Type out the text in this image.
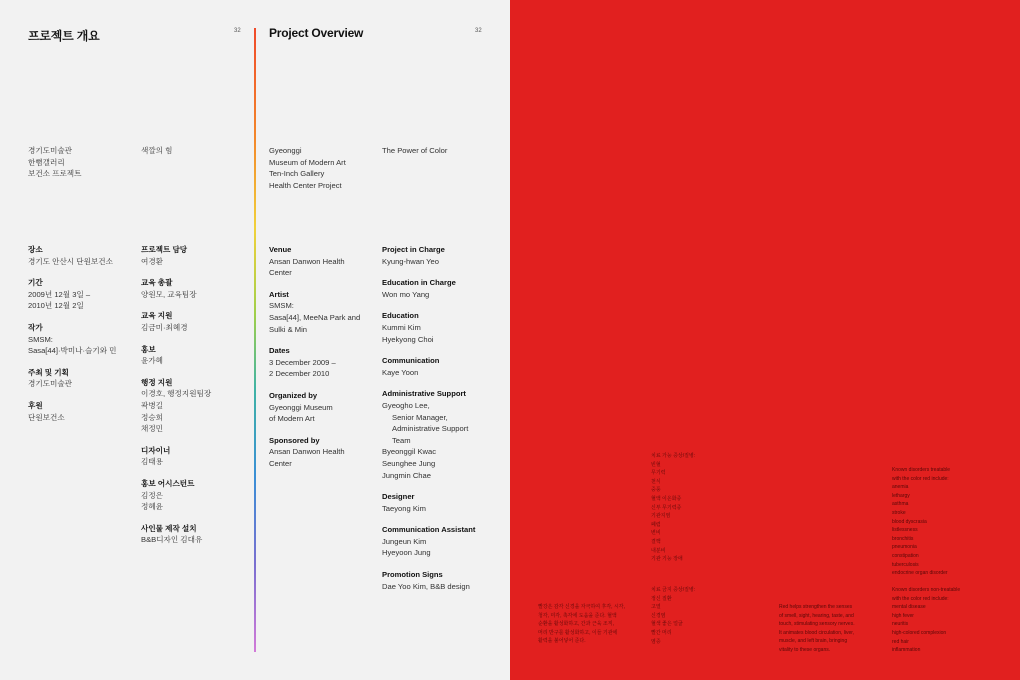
프로젝트 개요	32 Project Overview	32
경기도미술관
한뼘갤러리
보건소 프로젝트
색깔의 힘	Gyeonggi
Museum of Modern Art
Ten-Inch Gallery
Health Center Project
The Power of Color
장소
경기도 안산시 단원보건소
기간
2009년 12월 3일 –
2010년 12월 2일
작가
SMSM:
Sasa[44]·박미나·슬기와 민
주최 및 기획
경기도미술관
후원
단원보건소
프로젝트 담당
여경환
교육 총괄
양원모, 교육팀장
교육 지원
김금미·최혜경
홍보
윤가혜
행정 지원
이경호, 행정지원팀장
곽병길
정승희
채정민
디자이너
김태용
홍보 어시스턴트
김정은
정혜윤
사인물 제작 설치
B&B디자인 김대유
Venue
Ansan Danwon Health
Center
Artist
SMSM:
Sasa[44], MeeNa Park and
Sulki & Min
Dates
3 December 2009 –
2 December 2010
Organized by
Gyeonggi Museum
of Modern Art
Sponsored by
Ansan Danwon Health
Center
Project in Charge
Kyung-hwan Yeo
Education in Charge
Won mo Yang
Education
Kummi Kim
Hyekyong Choi
Communication
Kaye Yoon
Administrative Support
Gyeogho Lee,
Senior Manager,
Administrative Support
Team
Byeonggil Kwac
Seunghee Jung
Jungmin Chae
Designer
Taeyong Kim
Communication Assistant
Jungeun Kim
Hyeyoon Jung
Promotion Signs
Dae Yoo Kim, B&B design
치료 가능 증상/질병:
빈혈
무기력
천식
중풍
혈액 이온화증
신부 무기력증
기관지염
폐렴
변비
결핵
내분비
기관 기능 장애
치료 금지 증상/질병:
정신 질환
고열
신경염
혈색 좋은 얼굴
빨간 머리
염증
빨강은 감각 신경을 자극하여 후각, 시각,
청각, 미각, 촉각에 도움을 준다. 혈액
순환을 활성화하고, 간과 근육 조직,
머리 반구를 활성화하고, 이들 기관에
활력을 불어넣어 준다.
Red helps strengthen the senses
of smell, sight, hearing, taste, and
touch, stimulating sensory nerves.
It animates blood circulation, liver,
muscle, and left brain, bringing
vitality to these organs.
Known disorders treatable
with the color red include:
anemia
lethargy
asthma
stroke
blood dyscrasia
listlessness
bronchitis
pneumonia
constipation
tuberculosis
endocrine organ disorder
Known disorders non-treatable
with the color red include:
mental disease
high fever
neuritis
high-colored complexion
red hair
inflammation
